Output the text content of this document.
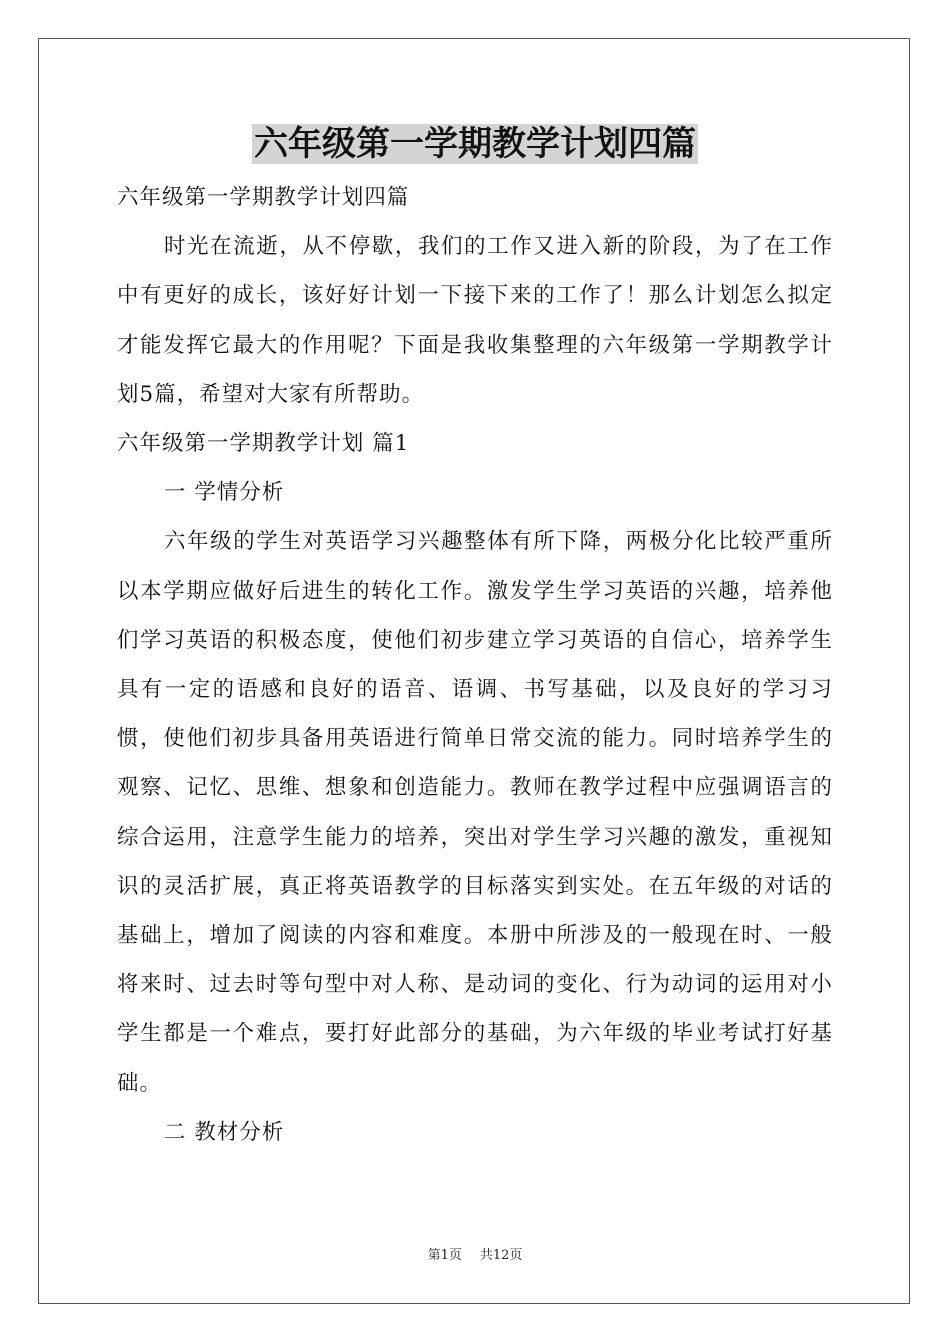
六年级第一学期教学计划四篇

六年级第一学期教学计划四篇

时光在流逝，从不停歇，我们的工作又进入新的阶段，为了在工作中有更好的成长，该好好计划一下接下来的工作了！那么计划怎么拟定才能发挥它最大的作用呢？下面是我收集整理的六年级第一学期教学计划5篇，希望对大家有所帮助。

六年级第一学期教学计划 篇1

一 学情分析

六年级的学生对英语学习兴趣整体有所下降，两极分化比较严重所以本学期应做好后进生的转化工作。激发学生学习英语的兴趣，培养他们学习英语的积极态度，使他们初步建立学习英语的自信心，培养学生具有一定的语感和良好的语音、语调、书写基础，以及良好的学习习惯，使他们初步具备用英语进行简单日常交流的能力。同时培养学生的观察、记忆、思维、想象和创造能力。教师在教学过程中应强调语言的综合运用，注意学生能力的培养，突出对学生学习兴趣的激发，重视知识的灵活扩展，真正将英语教学的目标落实到实处。在五年级的对话的基础上，增加了阅读的内容和难度。本册中所涉及的一般现在时、一般将来时、过去时等句型中对人称、是动词的变化、行为动词的运用对小学生都是一个难点，要打好此部分的基础，为六年级的毕业考试打好基础。

二 教材分析

第1页 共12页
